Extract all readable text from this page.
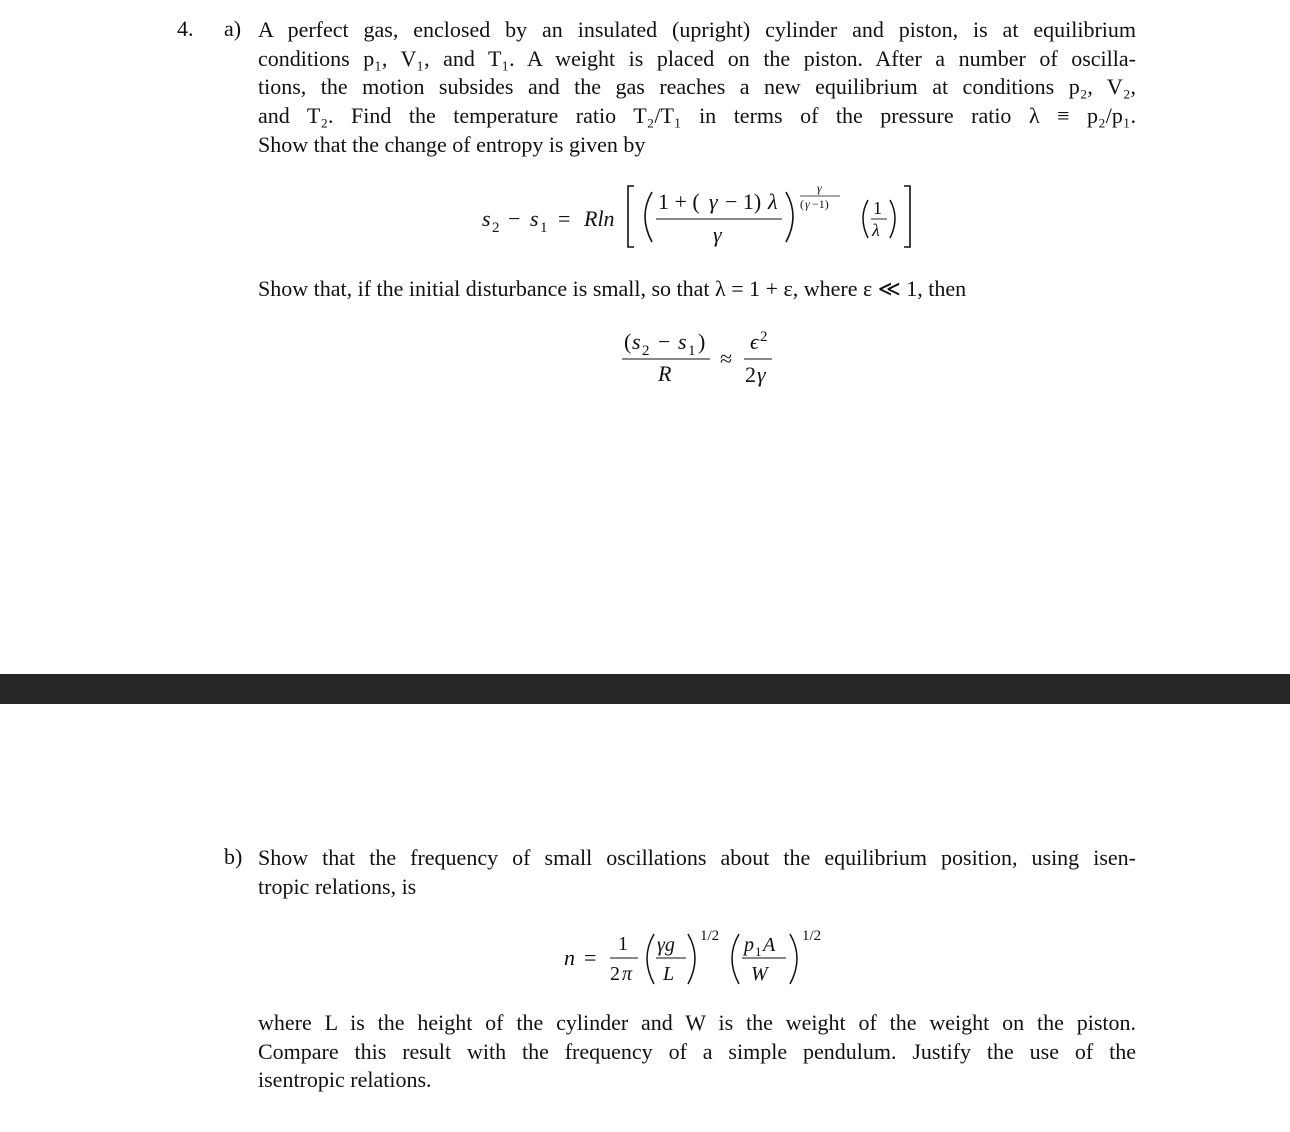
4. a) A perfect gas, enclosed by an insulated (upright) cylinder and piston, is at equilibrium
conditions p₁, V₁, and T₁. A weight is placed on the piston. After a number of oscilla-
tions, the motion subsides and the gas reaches a new equilibrium at conditions p₂, V₂,
and T₂. Find the temperature ratio T₂/T₁ in terms of the pressure ratio λ ≡ p₂/p₁.
Show that the change of entropy is given by
s 2 − s 1 = Rln
1 + ( γ − 1) λ
γ
γ
( γ −1) 1
λ
Show that, if the initial disturbance is small, so that λ = 1 + ε, where ε ≪ 1, then
( s 2 − s 1 )
R
≈
ϵ 2
2 γ
b) Show that the frequency of small oscillations about the equilibrium position, using isen-
tropic relations, is
n =
1
2 π
γg
L
1/2 p 1 A
W
1/2
where L is the height of the cylinder and W is the weight of the weight on the piston.
Compare this result with the frequency of a simple pendulum. Justify the use of the
isentropic relations.
